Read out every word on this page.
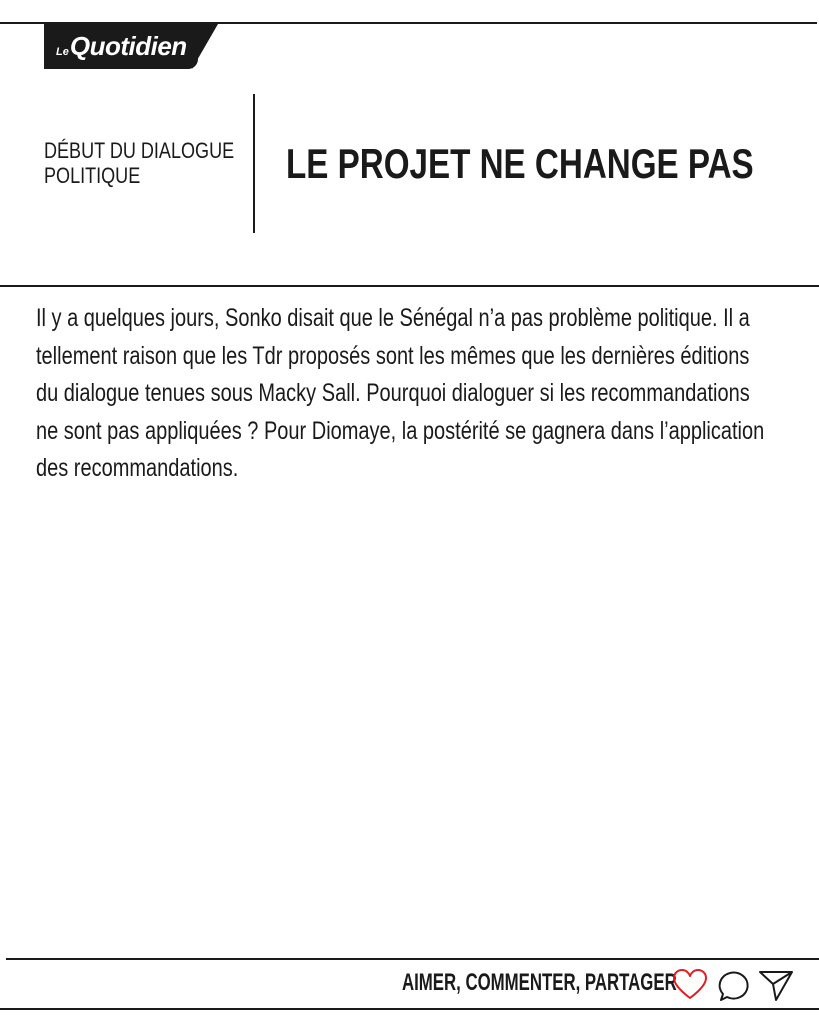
LeQuotidien
DÉBUT DU DIALOGUE
POLITIQUE	LE PROJET NE CHANGE PAS
Il y a quelques jours, Sonko disait que le Sénégal n’a pas problème politique. Il a
tellement raison que les Tdr proposés sont les mêmes que les dernières éditions
du dialogue tenues sous Macky Sall. Pourquoi dialoguer si les recommandations
ne sont pas appliquées ? Pour Diomaye, la postérité se gagnera dans l’application
des recommandations.
AIMER, COMMENTER, PARTAGER
